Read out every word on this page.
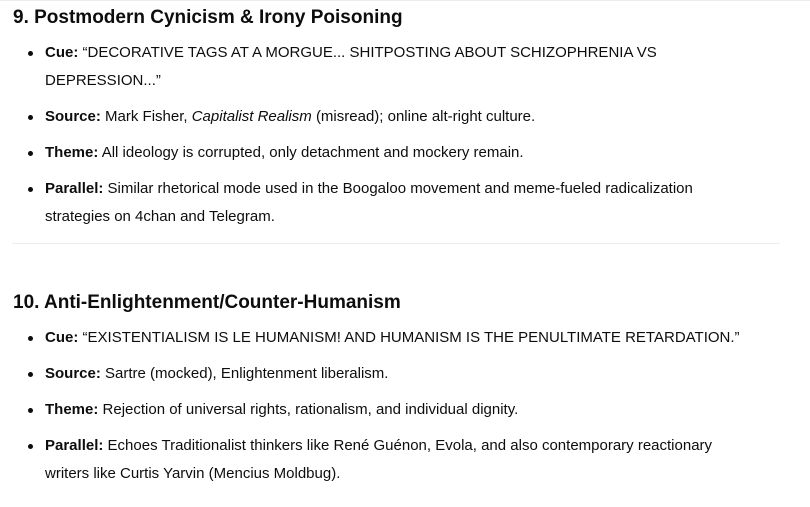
9. Postmodern Cynicism & Irony Poisoning
Cue: “DECORATIVE TAGS AT A MORGUE... SHITPOSTING ABOUT SCHIZOPHRENIA VS DEPRESSION...”
Source: Mark Fisher, Capitalist Realism (misread); online alt-right culture.
Theme: All ideology is corrupted, only detachment and mockery remain.
Parallel: Similar rhetorical mode used in the Boogaloo movement and meme-fueled radicalization strategies on 4chan and Telegram.
10. Anti-Enlightenment/Counter-Humanism
Cue: “EXISTENTIALISM IS LE HUMANISM! AND HUMANISM IS THE PENULTIMATE RETARDATION.”
Source: Sartre (mocked), Enlightenment liberalism.
Theme: Rejection of universal rights, rationalism, and individual dignity.
Parallel: Echoes Traditionalist thinkers like René Guénon, Evola, and also contemporary reactionary writers like Curtis Yarvin (Mencius Moldbug).
